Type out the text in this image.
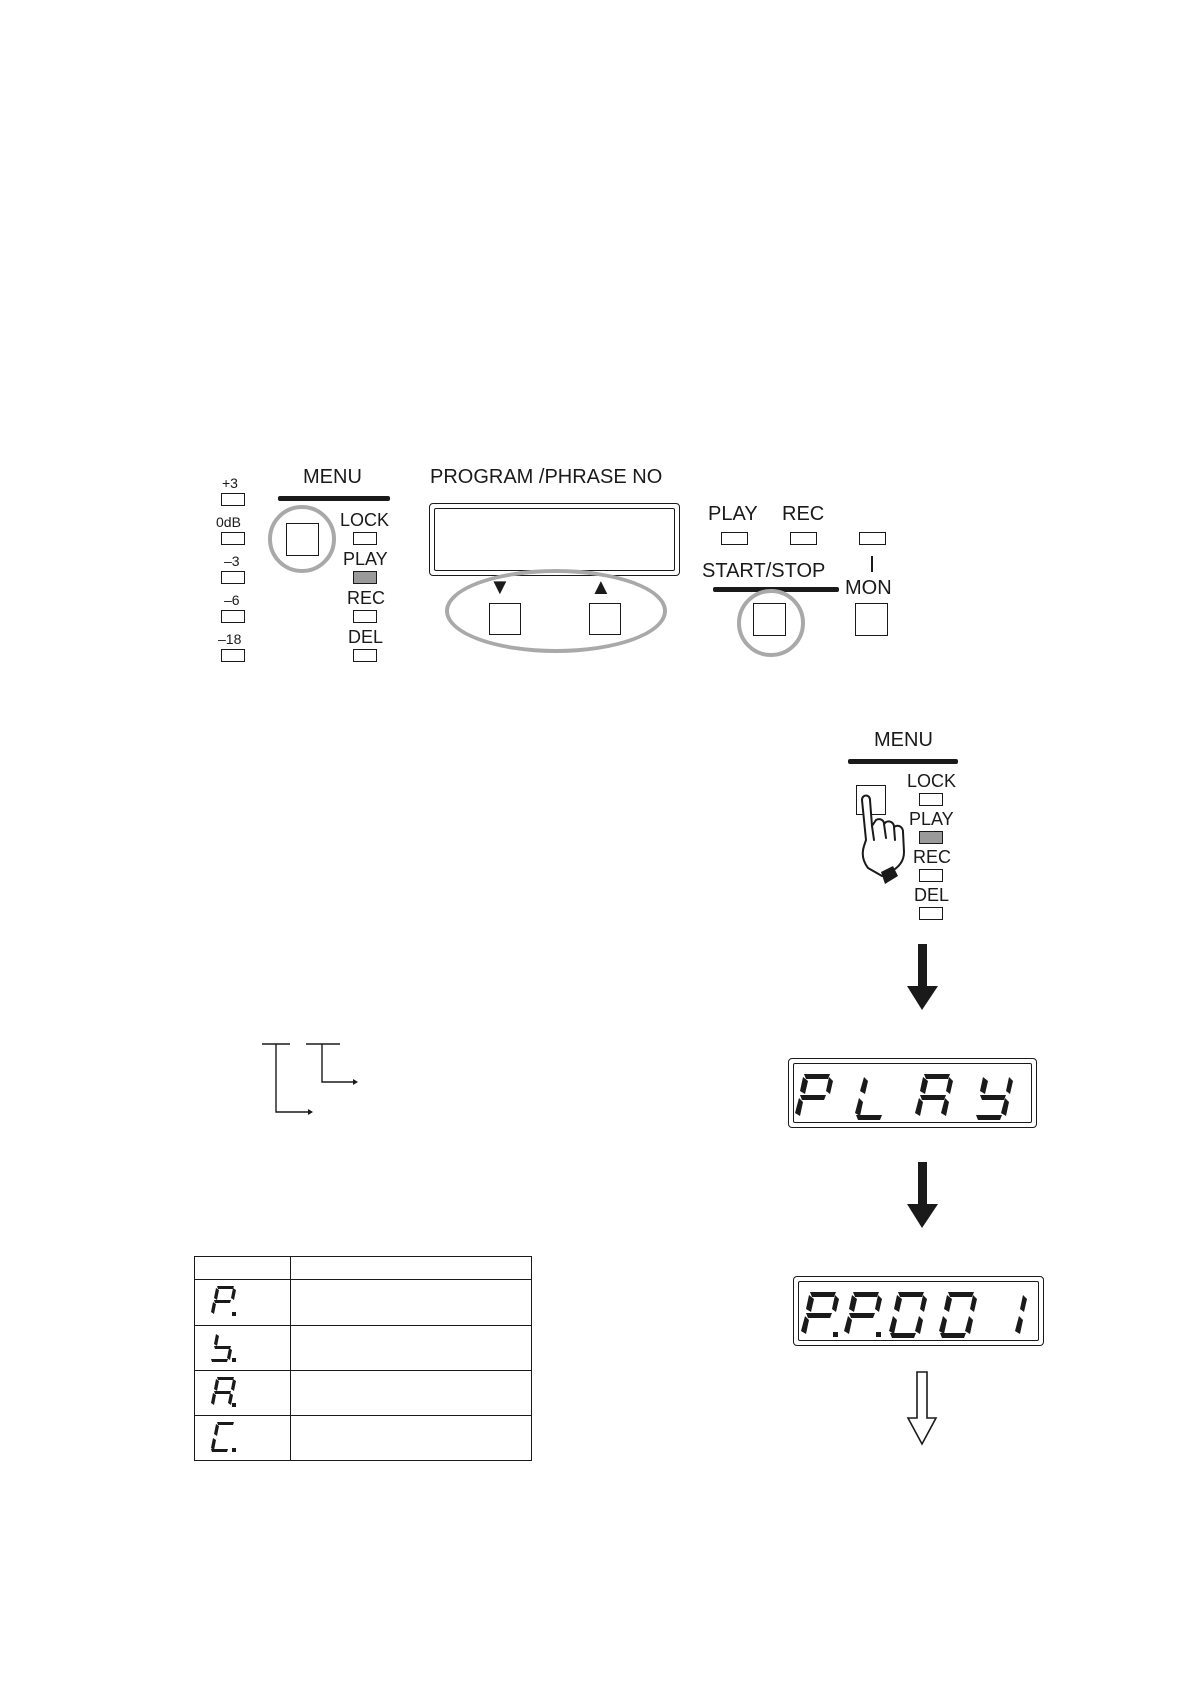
+3
0dB
–3
–6
–18
MENU
LOCK
PLAY
REC
DEL
PROGRAM /PHRASE NO
▼	▲
PLAY REC
START/STOP
MON
MENU
LOCK
PLAY
REC
DEL
